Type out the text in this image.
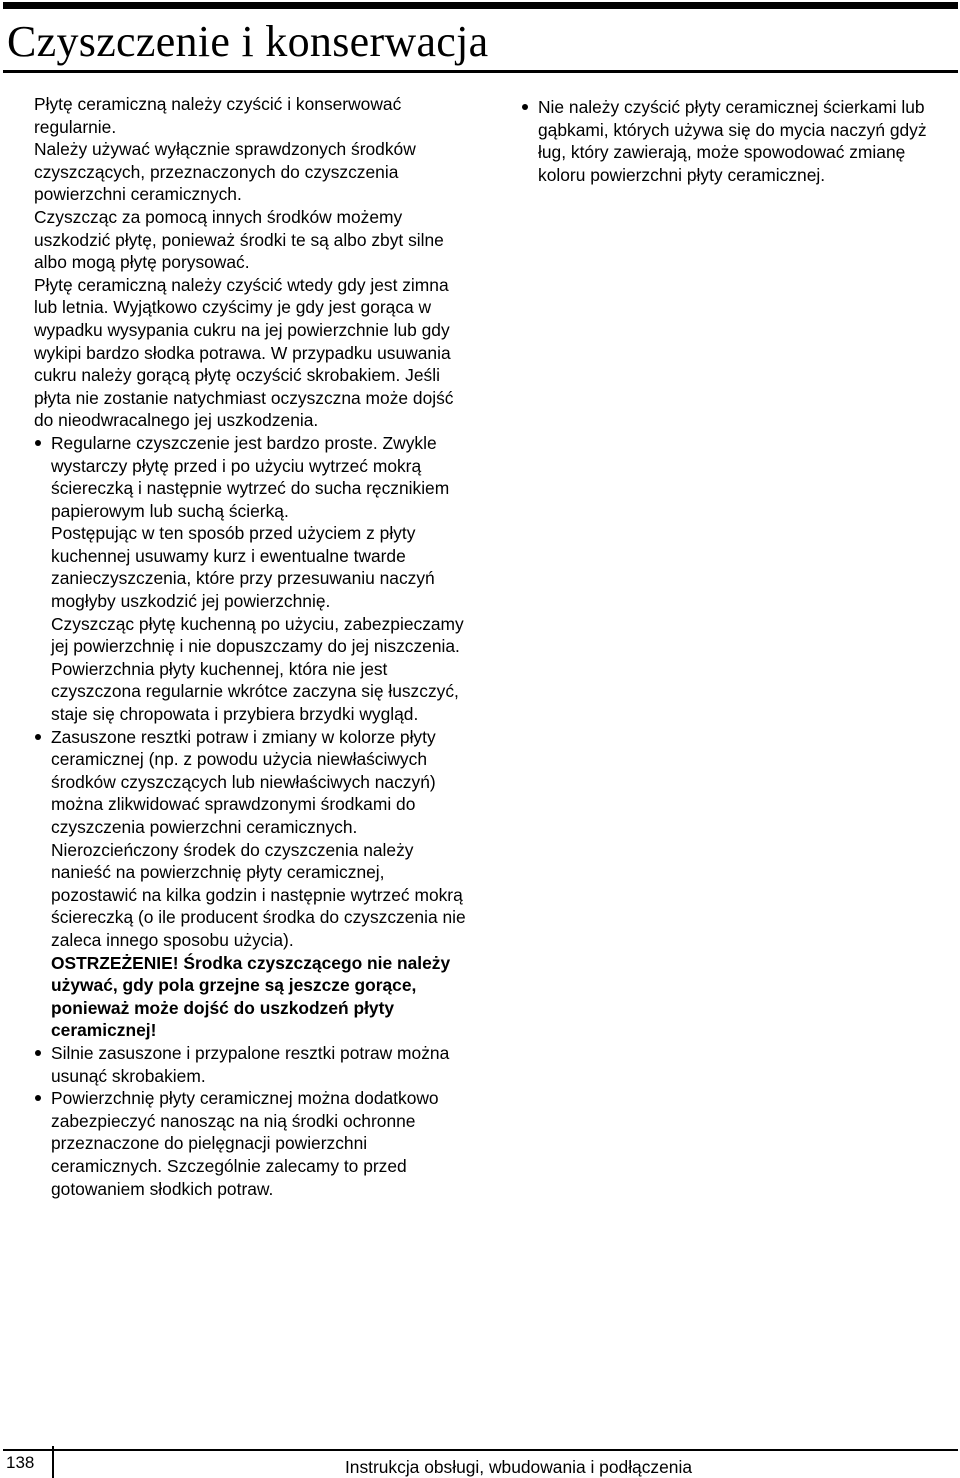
Czyszczenie i konserwacja

Płytę ceramiczną należy czyścić i konserwować regularnie.

Należy używać wyłącznie sprawdzonych środków czyszczących, przeznaczonych do czyszczenia powierzchni ceramicznych.

Czyszcząc za pomocą innych środków możemy uszkodzić płytę, ponieważ środki te są albo zbyt silne albo mogą płytę porysować.

Płytę ceramiczną należy czyścić wtedy gdy jest zimna lub letnia. Wyjątkowo czyścimy je gdy jest gorąca w wypadku wysypania cukru na jej powierzchnie lub gdy wykipi bardzo słodka potrawa. W przypadku usuwania cukru należy gorącą płytę oczyścić skrobakiem. Jeśli płyta nie zostanie natychmiast oczyszczna może dojść do nieodwracalnego jej uszkodzenia.

Regularne czyszczenie jest bardzo proste. Zwykle wystarczy płytę przed i po użyciu wytrzeć mokrą ściereczką i następnie wytrzeć do sucha ręcznikiem papierowym lub suchą ścierką.

Postępując w ten sposób przed użyciem z płyty kuchennej usuwamy kurz i ewentualne twarde zanieczyszczenia, które przy przesuwaniu naczyń mogłyby uszkodzić jej powierzchnię.

Czyszcząc płytę kuchenną po użyciu, zabezpieczamy jej powierzchnię i nie dopuszczamy do jej niszczenia. Powierzchnia płyty kuchennej, która nie jest czyszczona regularnie wkrótce zaczyna się łuszczyć, staje się chropowata i przybiera brzydki wygląd.

Zasuszone resztki potraw i zmiany w kolorze płyty ceramicznej (np. z powodu użycia niewłaściwych środków czyszczących lub niewłaściwych naczyń) można zlikwidować sprawdzonymi środkami do czyszczenia powierzchni ceramicznych. Nierozcieńczony środek do czyszczenia należy nanieść na powierzchnię płyty ceramicznej, pozostawić na kilka godzin i następnie wytrzeć mokrą ściereczką (o ile producent środka do czyszczenia nie zaleca innego sposobu użycia).

OSTRZEŻENIE! Środka czyszczącego nie należy używać, gdy pola grzejne są jeszcze gorące, ponieważ może dojść do uszkodzeń płyty ceramicznej!

Silnie zasuszone i przypalone resztki potraw można usunąć skrobakiem.

Powierzchnię płyty ceramicznej można dodatkowo zabezpieczyć nanosząc na nią środki ochronne przeznaczone do pielęgnacji powierzchni ceramicznych. Szczególnie zalecamy to przed gotowaniem słodkich potraw.

Nie należy czyścić płyty ceramicznej ścierkami lub gąbkami, których używa się do mycia naczyń gdyż ług, który zawierają, może spowodować zmianę koloru powierzchni płyty ceramicznej.

138	Instrukcja obsługi, wbudowania i podłączenia
